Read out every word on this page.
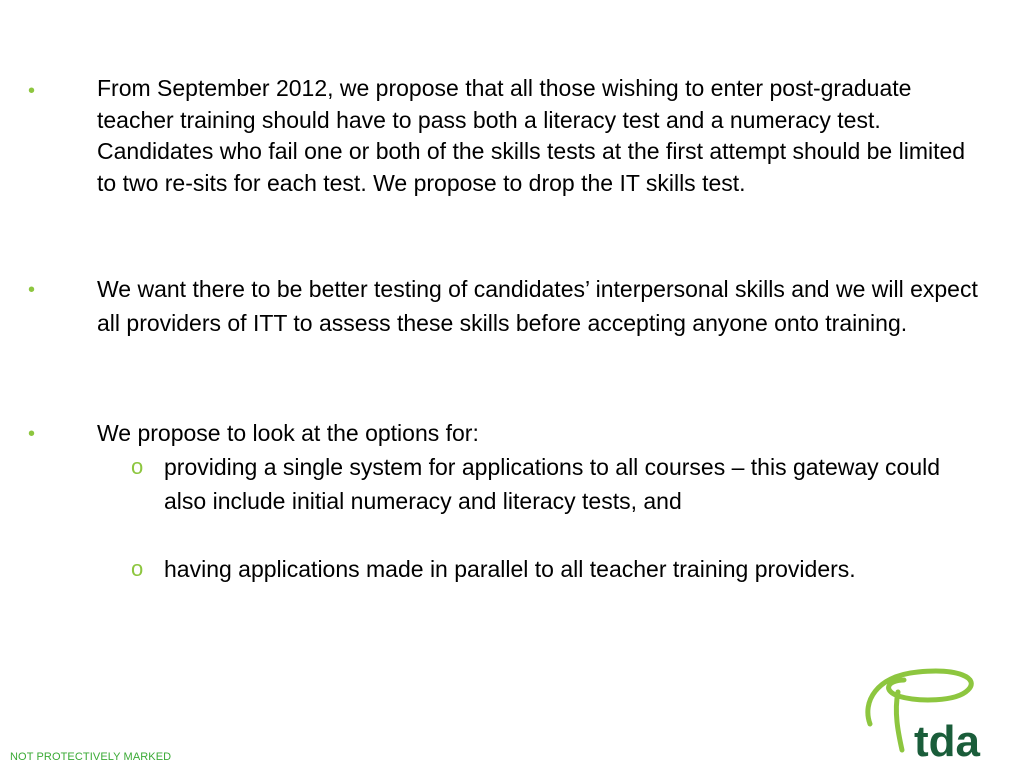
•	From September 2012, we propose that all those wishing to enter post-graduate teacher training should have to pass both a literacy test and a numeracy test. Candidates who fail one or both of the skills tests at the first attempt should be limited to two re-sits for each test. We propose to drop the IT skills test.
•	We want there to be better testing of candidates’ interpersonal skills and we will expect all providers of ITT to assess these skills before accepting anyone onto training.
•	We propose to look at the options for:
o providing a single system for applications to all courses – this gateway could also include initial numeracy and literacy tests, and
o having applications made in parallel to all teacher training providers.
NOT PROTECTIVELY MARKED	tda
